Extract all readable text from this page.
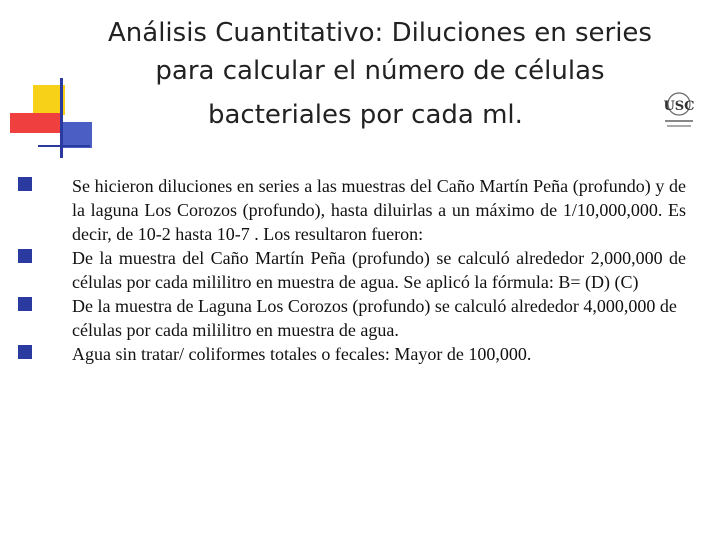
Análisis Cuantitativo: Diluciones en series
para calcular el número de células
bacteriales por cada ml.	USC
Se hicieron diluciones en series a las muestras del Caño Martín Peña (profundo) y de la laguna Los Corozos (profundo), hasta diluirlas a un máximo de 1/10,000,000. Es decir, de 10-2 hasta 10-7 . Los resultaron fueron:
De la muestra del Caño Martín Peña (profundo) se calculó alrededor 2,000,000 de células por cada mililitro en muestra de agua. Se aplicó la fórmula: B= (D) (C)
De la muestra de Laguna Los Corozos (profundo) se calculó alrededor 4,000,000 de células por cada mililitro en muestra de agua.
Agua sin tratar/ coliformes totales o fecales: Mayor de 100,000.
